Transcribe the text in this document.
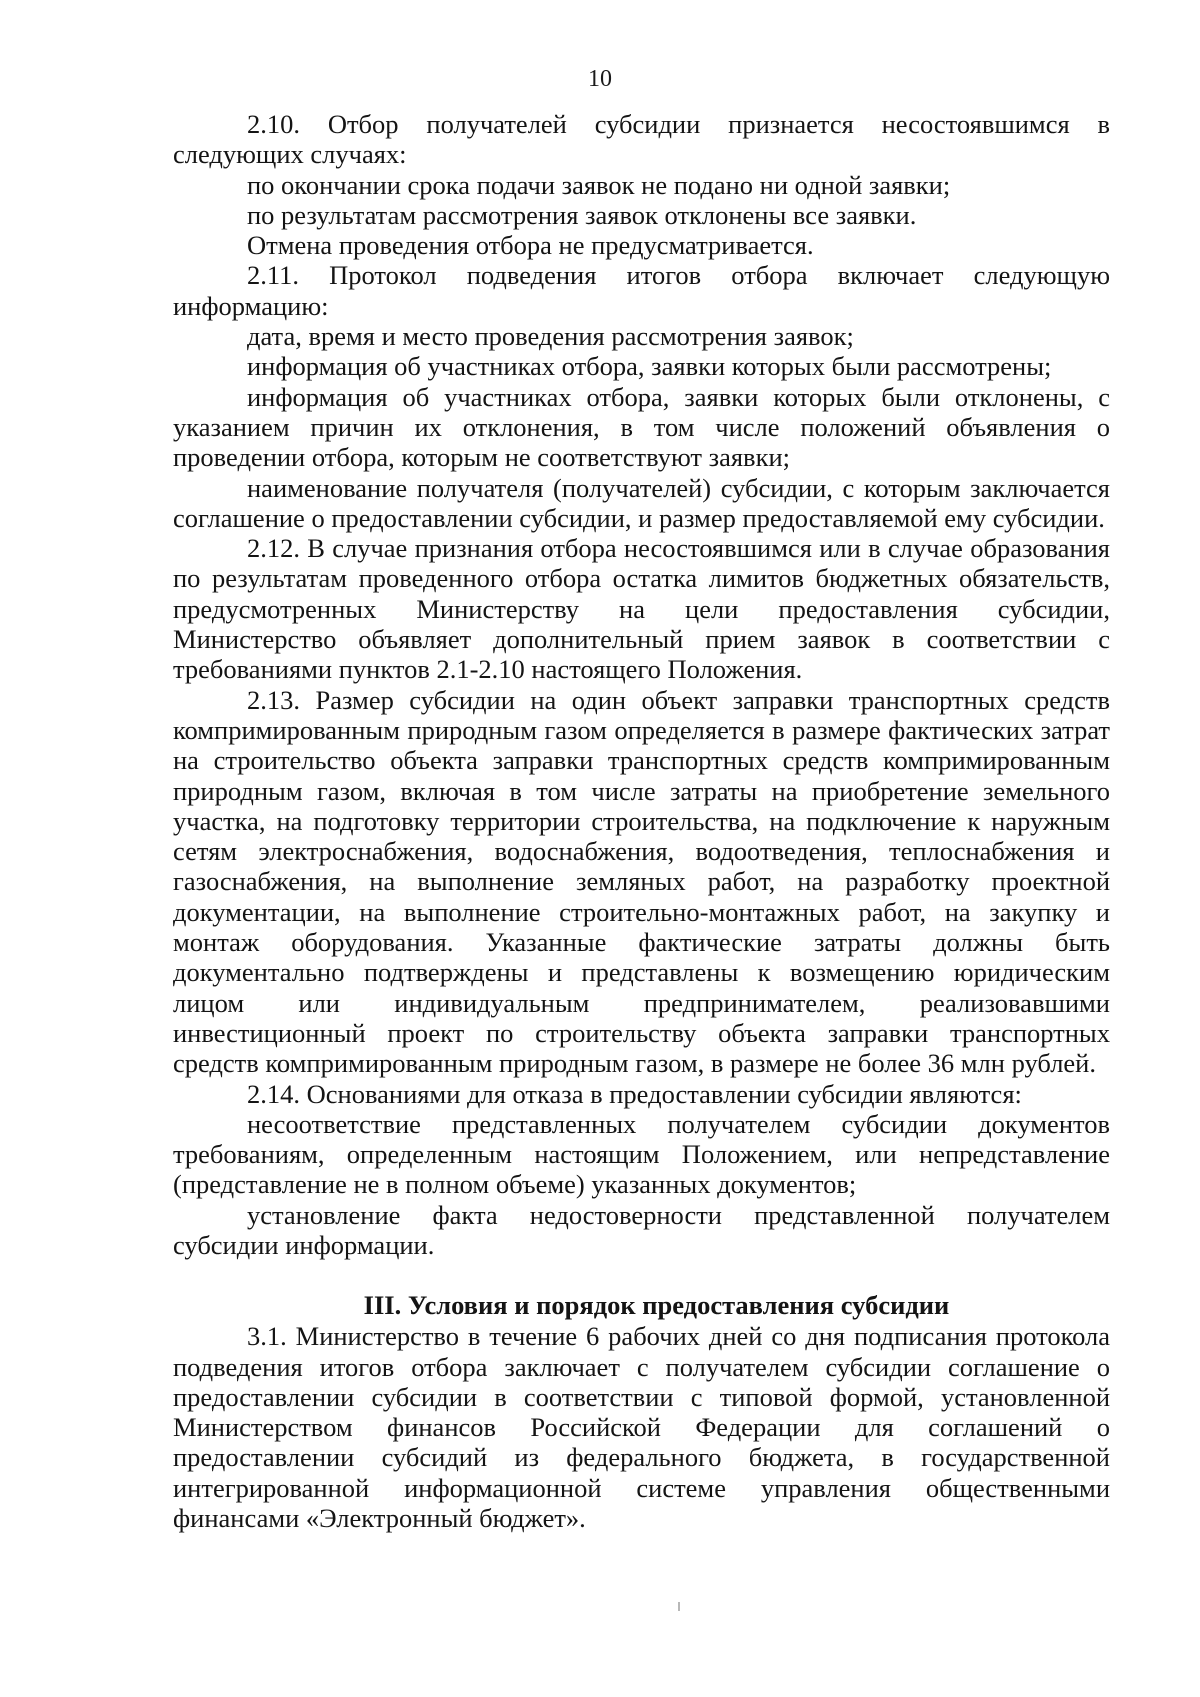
10

2.10. Отбор получателей субсидии признается несостоявшимся в следующих случаях:

по окончании срока подачи заявок не подано ни одной заявки;

по результатам рассмотрения заявок отклонены все заявки.

Отмена проведения отбора не предусматривается.

2.11. Протокол подведения итогов отбора включает следующую информацию:

дата, время и место проведения рассмотрения заявок;

информация об участниках отбора, заявки которых были рассмотрены;

информация об участниках отбора, заявки которых были отклонены, с указанием причин их отклонения, в том числе положений объявления о проведении отбора, которым не соответствуют заявки;

наименование получателя (получателей) субсидии, с которым заключается соглашение о предоставлении субсидии, и размер предоставляемой ему субсидии.

2.12. В случае признания отбора несостоявшимся или в случае образования по результатам проведенного отбора остатка лимитов бюджетных обязательств, предусмотренных Министерству на цели предоставления субсидии, Министерство объявляет дополнительный прием заявок в соответствии с требованиями пунктов 2.1-2.10 настоящего Положения.

2.13. Размер субсидии на один объект заправки транспортных средств компримированным природным газом определяется в размере фактических затрат на строительство объекта заправки транспортных средств компримированным природным газом, включая в том числе затраты на приобретение земельного участка, на подготовку территории строительства, на подключение к наружным сетям электроснабжения, водоснабжения, водоотведения, теплоснабжения и газоснабжения, на выполнение земляных работ, на разработку проектной документации, на выполнение строительно-монтажных работ, на закупку и монтаж оборудования. Указанные фактические затраты должны быть документально подтверждены и представлены к возмещению юридическим лицом или индивидуальным предпринимателем, реализовавшими инвестиционный проект по строительству объекта заправки транспортных средств компримированным природным газом, в размере не более 36 млн рублей.

2.14. Основаниями для отказа в предоставлении субсидии являются:

несоответствие представленных получателем субсидии документов требованиям, определенным настоящим Положением, или непредставление (представление не в полном объеме) указанных документов;

установление факта недостоверности представленной получателем субсидии информации.

III. Условия и порядок предоставления субсидии

3.1. Министерство в течение 6 рабочих дней со дня подписания протокола подведения итогов отбора заключает с получателем субсидии соглашение о предоставлении субсидии в соответствии с типовой формой, установленной Министерством финансов Российской Федерации для соглашений о предоставлении субсидий из федерального бюджета, в государственной интегрированной информационной системе управления общественными финансами «Электронный бюджет».
